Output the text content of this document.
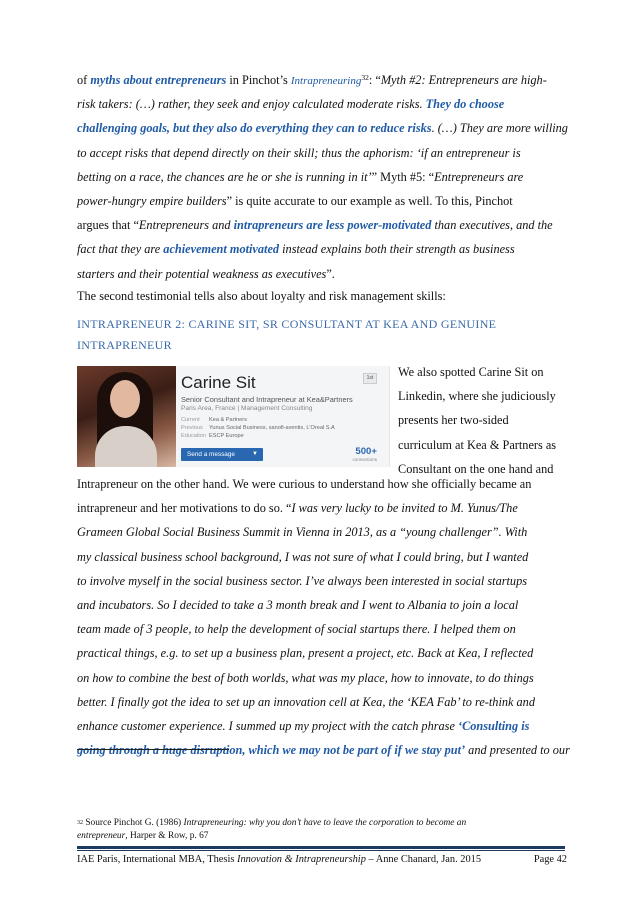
of myths about entrepreneurs in Pinchot’s Intrapreneuring$^{32}$: “Myth #2: Entrepreneurs are high-
risk takers: (…) rather, they seek and enjoy calculated moderate risks. They do choose
challenging goals, but they also do everything they can to reduce risks. (…) They are more willing
to accept risks that depend directly on their skill; thus the aphorism: ‘if an entrepreneur is
betting on a race, the chances are he or she is running in it’” Myth #5: “Entrepreneurs are
power-hungry empire builders” is quite accurate to our example as well. To this, Pinchot
argues that “Entrepreneurs and intrapreneurs are less power-motivated than executives, and the
fact that they are achievement motivated instead explains both their strength as business
starters and their potential weakness as executives”.
The second testimonial tells also about loyalty and risk management skills:
INTRAPRENEUR 2: CARINE SIT, SR CONSULTANT AT KEA AND GENUINE
INTRAPRENEUR
Carine Sit
Senior Consultant and Intrapreneur at Kea&Partners
Paris Area, France | Management Consulting
Current Kea & Partners
Previous Yunus Social Business, sanofi-aventis, L'Oreal S.A
Education ESCP Europe
Send a message	▼
1st
500+
connections
We also spotted Carine Sit on
Linkedin, where she judiciously
presents her two-sided
curriculum at Kea & Partners as
Consultant on the one hand and
Intrapreneur on the other hand. We were curious to understand how she officially became an
intrapreneur and her motivations to do so. “I was very lucky to be invited to M. Yunus/The
Grameen Global Social Business Summit in Vienna in 2013, as a “young challenger”. With
my classical business school background, I was not sure of what I could bring, but I wanted
to involve myself in the social business sector. I’ve always been interested in social startups
and incubators. So I decided to take a 3 month break and I went to Albania to join a local
team made of 3 people, to help the development of social startups there. I helped them on
practical things, e.g. to set up a business plan, present a project, etc. Back at Kea, I reflected
on how to combine the best of both worlds, what was my place, how to innovate, to do things
better. I finally got the idea to set up an innovation cell at Kea, the ‘KEA Fab’ to re-think and
enhance customer experience. I summed up my project with the catch phrase ‘Consulting is
going through a huge disruption, which we may not be part of if we stay put’ and presented to our
$^{32}$ Source Pinchot G. (1986) Intrapreneuring: why you don’t have to leave the corporation to become an
entrepreneur, Harper & Row, p. 67
IAE Paris, International MBA, Thesis Innovation & Intrapreneurship – Anne Chanard, Jan. 2015	Page 42
